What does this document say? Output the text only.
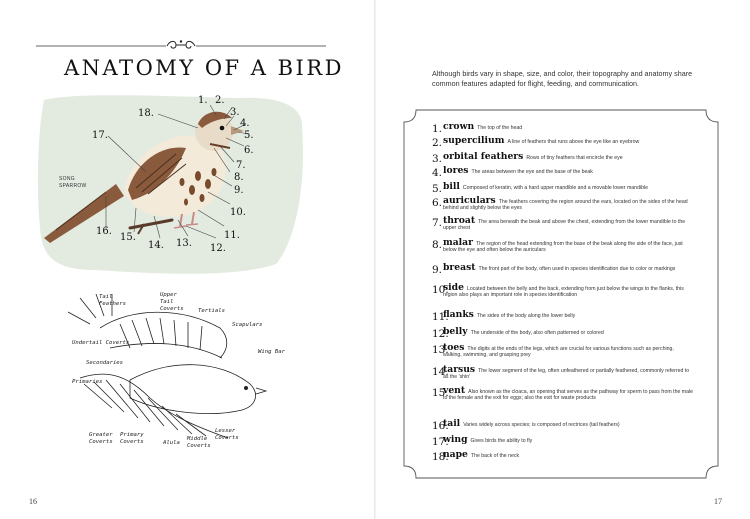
ANATOMY OF A BIRD
1. 2.
3.
4.
5.
6.
7.
8.
9.
10.
11.
12.
13.
14.
15.
16.
17.
18.
SONG
SPARROW
Tail
Feathers
Upper
Tail
Coverts	Tertials
Scapulars
Undertail Coverts
Wing Bar
Secondaries
Primaries
Greater
Coverts
Primary
Coverts	Alula
Middle
Coverts
Lesser
Coverts
16

Although birds vary in shape, size, and color, their topography and anatomy share common features adapted for flight, feeding, and communication.

1. crown The top of the head
2. supercilium A line of feathers that runs above the eye like an eyebrow
3. orbital feathers Rows of tiny feathers that encircle the eye
4. lores The areas between the eye and the base of the beak
5. bill Composed of keratin, with a hard upper mandible and a movable lower mandible
6. auriculars The feathers covering the region around the ears, located on the sides of the head behind and slightly below the eyes
7. throat The area beneath the beak and above the chest, extending from the lower mandible to the upper chest
8. malar The region of the head extending from the base of the beak along the side of the face, just below the eye and often below the auriculars
9. breast The front part of the body, often used in species identification due to color or markings
10.
side Located between the belly and the back, extending from just below the wings to the flanks, this region also plays an important role in species identification
11.
flanks The sides of the body along the lower belly
12.
belly The underside of the body, also often patterned or colored
13.
toes The digits at the ends of the legs, which are crucial for various functions such as perching, walking, swimming, and grasping prey
14.
tarsus The lower segment of the leg, often unfeathered or partially feathered, commonly referred to as the 'shin'
15.
vent Also known as the cloaca, an opening that serves as the pathway for sperm to pass from the male to the female and the exit for eggs; also the exit for waste products
16.
tail Varies widely across species; is composed of rectrices (tail feathers)
17.
wing Gives birds the ability to fly
18.
nape The back of the neck
17
